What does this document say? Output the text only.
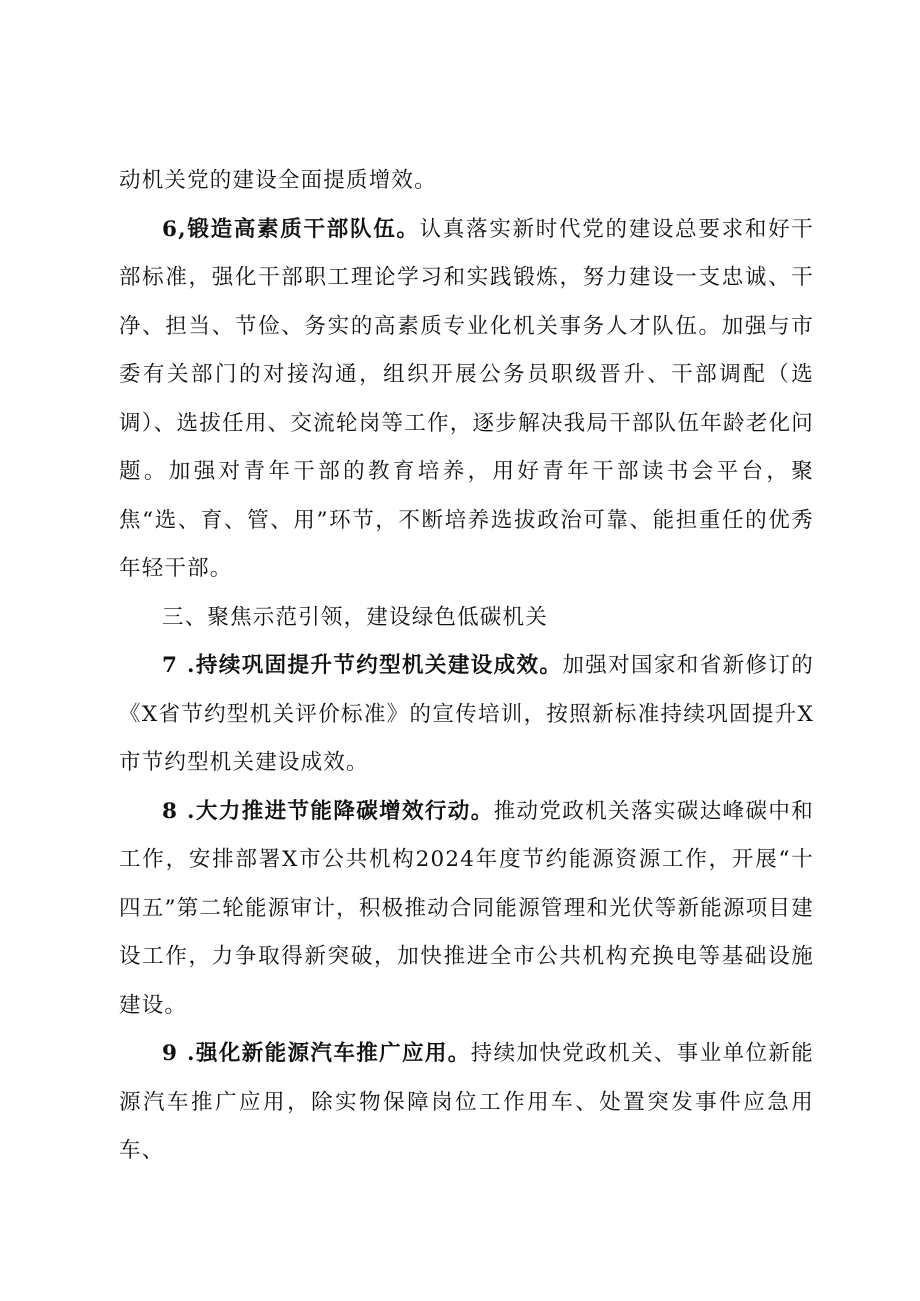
动机关党的建设全面提质增效。

6,锻造高素质干部队伍。认真落实新时代党的建设总要求和好干部标准，强化干部职工理论学习和实践锻炼，努力建设一支忠诚、干净、担当、节俭、务实的高素质专业化机关事务人才队伍。加强与市委有关部门的对接沟通，组织开展公务员职级晋升、干部调配（选调）、选拔任用、交流轮岗等工作，逐步解决我局干部队伍年龄老化问题。加强对青年干部的教育培养，用好青年干部读书会平台，聚焦“选、育、管、用”环节，不断培养选拔政治可靠、能担重任的优秀年轻干部。

三、聚焦示范引领，建设绿色低碳机关

7 .持续巩固提升节约型机关建设成效。加强对国家和省新修订的《X省节约型机关评价标准》的宣传培训，按照新标准持续巩固提升X市节约型机关建设成效。

8 .大力推进节能降碳增效行动。推动党政机关落实碳达峰碳中和工作，安排部署X市公共机构2024年度节约能源资源工作，开展“十四五”第二轮能源审计，积极推动合同能源管理和光伏等新能源项目建设工作，力争取得新突破，加快推进全市公共机构充换电等基础设施建设。

9 .强化新能源汽车推广应用。持续加快党政机关、事业单位新能源汽车推广应用，除实物保障岗位工作用车、处置突发事件应急用车、
